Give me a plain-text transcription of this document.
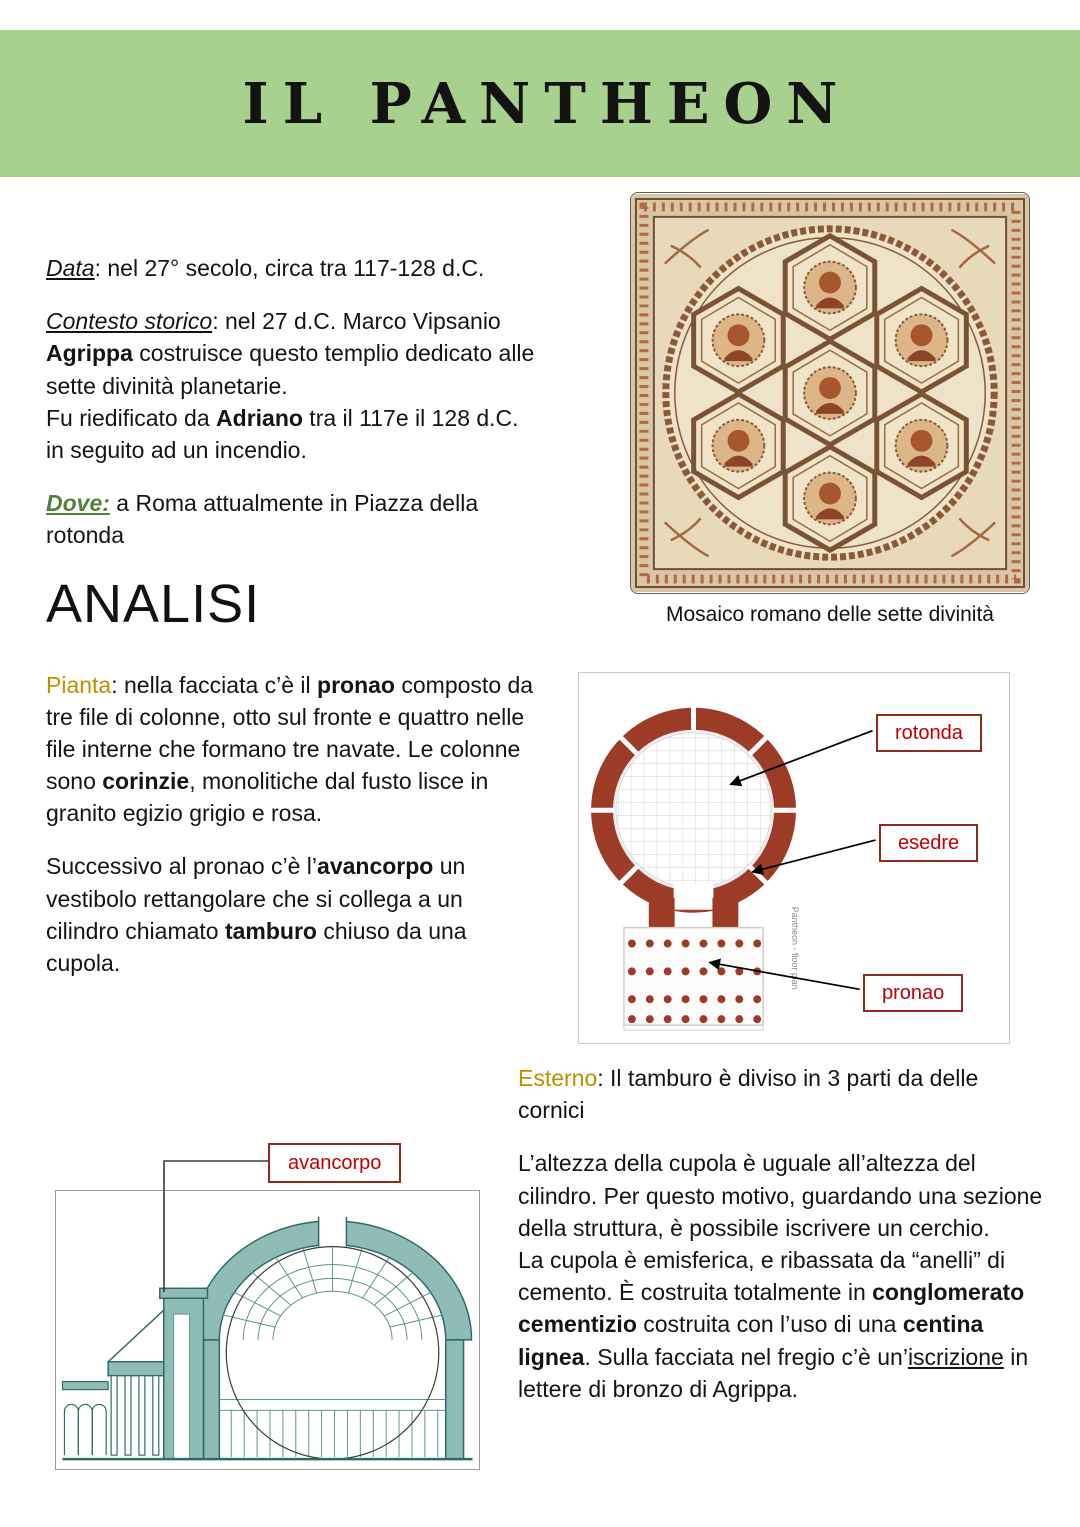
IL PANTHEON

Data: nel 27° secolo, circa tra 117-128 d.C.

Contesto storico: nel 27 d.C. Marco Vipsanio Agrippa costruisce questo templio dedicato alle sette divinità planetarie.
Fu riedificato da Adriano tra il 117e il 128 d.C. in seguito ad un incendio.

Dove: a Roma attualmente in Piazza della rotonda

ANALISI

Pianta: nella facciata c’è il pronao composto da tre file di colonne, otto sul fronte e quattro nelle file interne che formano tre navate. Le colonne sono corinzie, monolitiche dal fusto lisce in granito egizio grigio e rosa.

Successivo al pronao c’è l’avancorpo un vestibolo rettangolare che si collega a un cilindro chiamato tamburo chiuso da una cupola.

Mosaico romano delle sette divinità
Pantheon - floor plan
rotonda
esedre
pronao

Esterno: Il tamburo è diviso in 3 parti da delle cornici

L’altezza della cupola è uguale all’altezza del cilindro. Per questo motivo, guardando una sezione della struttura, è possibile iscrivere un cerchio.
La cupola è emisferica, e ribassata da “anelli” di cemento. È costruita totalmente in conglomerato cementizio costruita con l’uso di una centina lignea. Sulla facciata nel fregio c’è un’iscrizione in lettere di bronzo di Agrippa.

avancorpo
